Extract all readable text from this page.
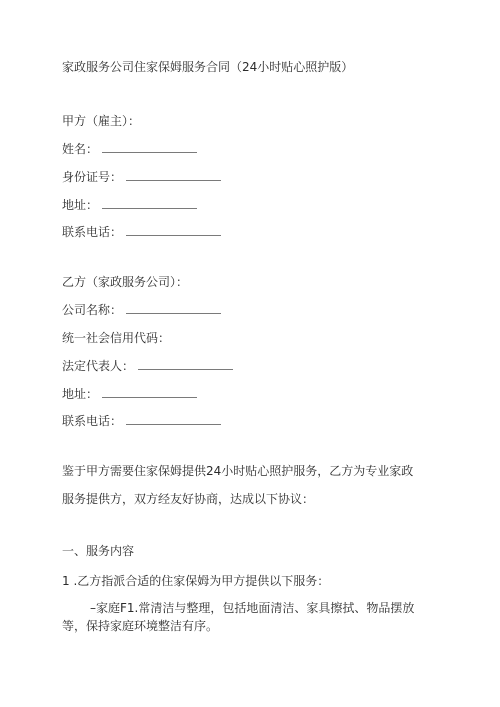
家政服务公司住家保姆服务合同（24小时贴心照护版）
甲方（雇主）：
姓名：
身份证号：
地址：
联系电话：
乙方（家政服务公司）：
公司名称：
统一社会信用代码：
法定代表人：
地址：
联系电话：
鉴于甲方需要住家保姆提供24小时贴心照护服务，乙方为专业家政
服务提供方，双方经友好协商，达成以下协议：
一、服务内容
1 .乙方指派合适的住家保姆为甲方提供以下服务：
–家庭F1.常清洁与整理，包括地面清洁、家具擦拭、物品摆放等，保持家庭环境整洁有序。
